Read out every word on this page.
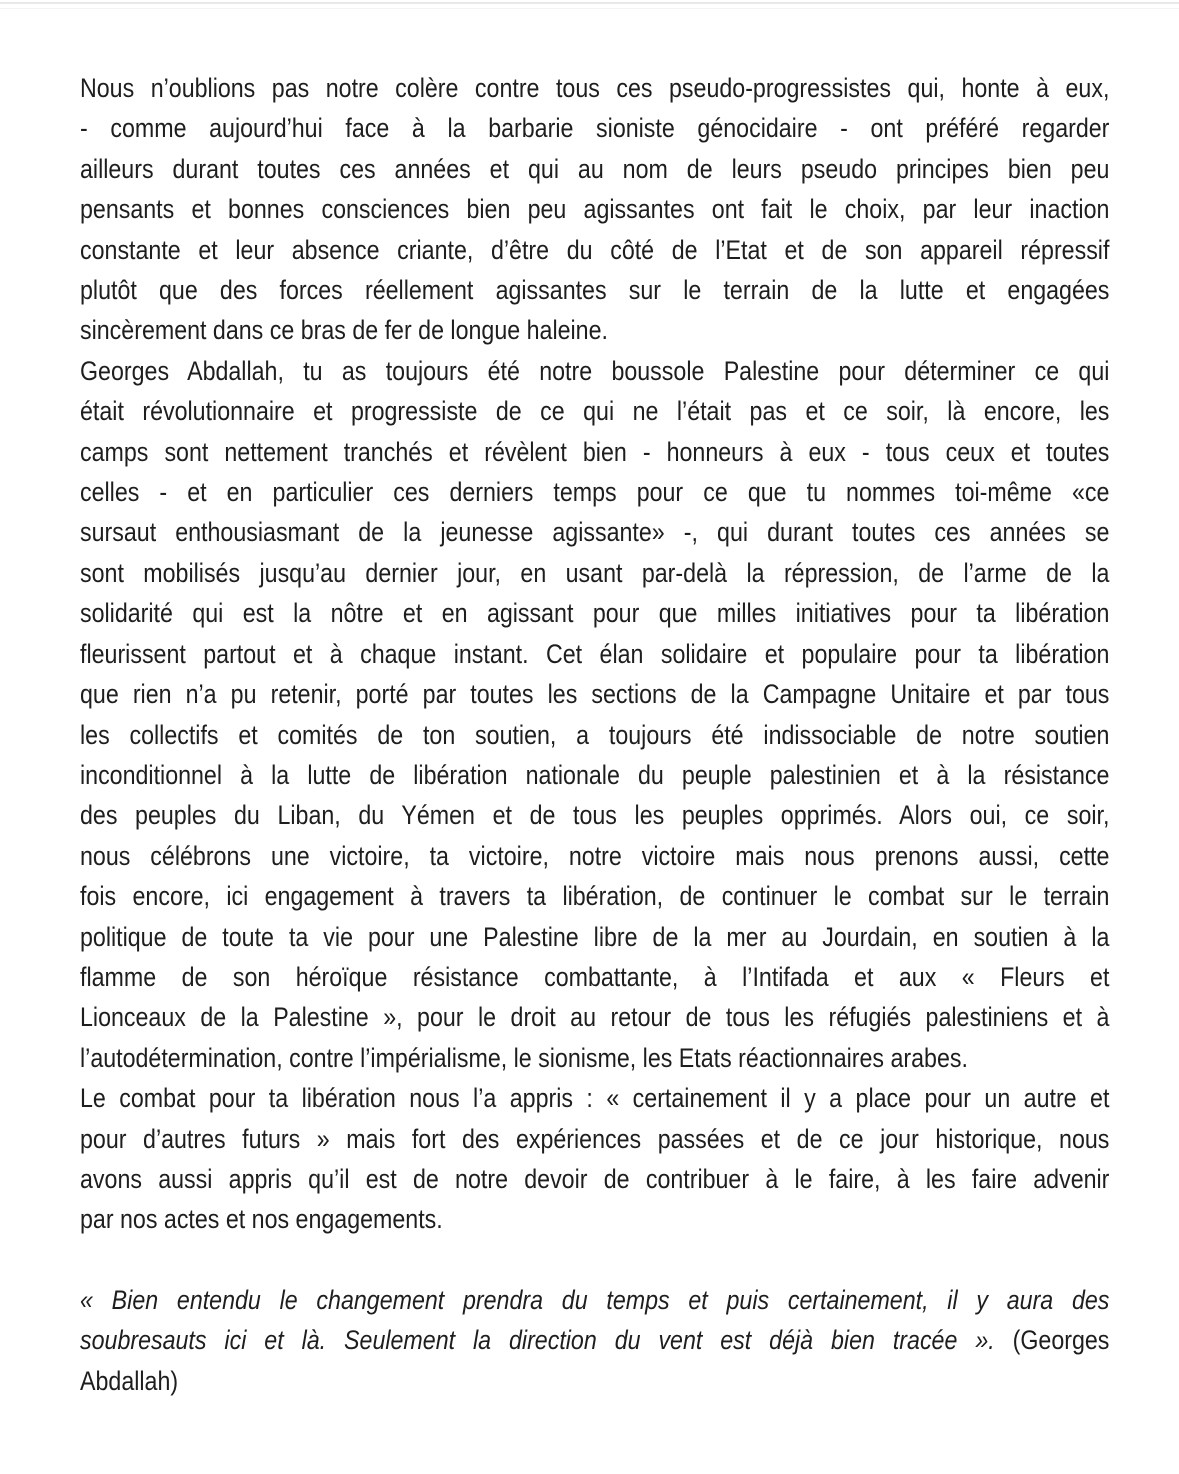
Nous n’oublions pas notre colère contre tous ces pseudo-progressistes qui, honte à eux,
- comme aujourd’hui face à la barbarie sioniste génocidaire - ont préféré regarder
ailleurs durant toutes ces années et qui au nom de leurs pseudo principes bien peu
pensants et bonnes consciences bien peu agissantes ont fait le choix, par leur inaction
constante et leur absence criante, d’être du côté de l’Etat et de son appareil répressif
plutôt que des forces réellement agissantes sur le terrain de la lutte et engagées
sincèrement dans ce bras de fer de longue haleine.
Georges Abdallah, tu as toujours été notre boussole Palestine pour déterminer ce qui
était révolutionnaire et progressiste de ce qui ne l’était pas et ce soir, là encore, les
camps sont nettement tranchés et révèlent bien - honneurs à eux - tous ceux et toutes
celles - et en particulier ces derniers temps pour ce que tu nommes toi-même «ce
sursaut enthousiasmant de la jeunesse agissante» -, qui durant toutes ces années se
sont mobilisés jusqu’au dernier jour, en usant par-delà la répression, de l’arme de la
solidarité qui est la nôtre et en agissant pour que milles initiatives pour ta libération
fleurissent partout et à chaque instant. Cet élan solidaire et populaire pour ta libération
que rien n’a pu retenir, porté par toutes les sections de la Campagne Unitaire et par tous
les collectifs et comités de ton soutien, a toujours été indissociable de notre soutien
inconditionnel à la lutte de libération nationale du peuple palestinien et à la résistance
des peuples du Liban, du Yémen et de tous les peuples opprimés. Alors oui, ce soir,
nous célébrons une victoire, ta victoire, notre victoire mais nous prenons aussi, cette
fois encore, ici engagement à travers ta libération, de continuer le combat sur le terrain
politique de toute ta vie pour une Palestine libre de la mer au Jourdain, en soutien à la
flamme de son héroïque résistance combattante, à l’Intifada et aux « Fleurs et
Lionceaux de la Palestine », pour le droit au retour de tous les réfugiés palestiniens et à
l’autodétermination, contre l’impérialisme, le sionisme, les Etats réactionnaires arabes.
Le combat pour ta libération nous l’a appris : « certainement il y a place pour un autre et
pour d’autres futurs » mais fort des expériences passées et de ce jour historique, nous
avons aussi appris qu’il est de notre devoir de contribuer à le faire, à les faire advenir
par nos actes et nos engagements.
« Bien entendu le changement prendra du temps et puis certainement, il y aura des
soubresauts ici et là. Seulement la direction du vent est déjà bien tracée ». (Georges
Abdallah)
